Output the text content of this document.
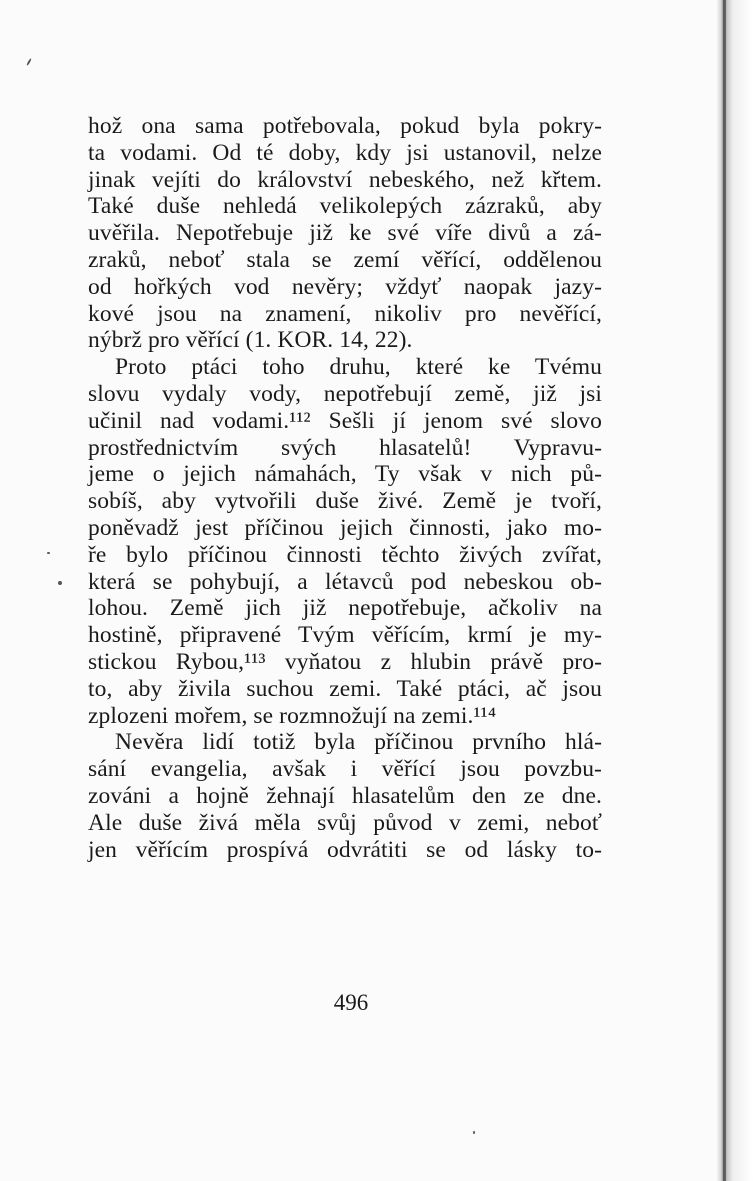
hož ona sama potřebovala, pokud byla pokry-
ta vodami. Od té doby, kdy jsi ustanovil, nelze
jinak vejíti do království nebeského, než křtem.
Také duše nehledá velikolepých zázraků, aby
uvěřila. Nepotřebuje již ke své víře divů a zá-
zraků, neboť stala se zemí věřící, oddělenou
od hořkých vod nevěry; vždyť naopak jazy-
kové jsou na znamení, nikoliv pro nevěřící,
nýbrž pro věřící (1. KOR. 14, 22).
Proto ptáci toho druhu, které ke Tvému
slovu vydaly vody, nepotřebují země, již jsi
učinil nad vodami.¹¹² Sešli jí jenom své slovo
prostřednictvím svých hlasatelů! Vypravu-
jeme o jejich námahách, Ty však v nich pů-
sobíš, aby vytvořili duše živé. Země je tvoří,
poněvadž jest příčinou jejich činnosti, jako mo-
ře bylo příčinou činnosti těchto živých zvířat,
která se pohybují, a létavců pod nebeskou ob-
lohou. Země jich již nepotřebuje, ačkoliv na
hostině, připravené Tvým věřícím, krmí je my-
stickou Rybou,¹¹³ vyňatou z hlubin právě pro-
to, aby živila suchou zemi. Také ptáci, ač jsou
zplozeni mořem, se rozmnožují na zemi.¹¹⁴
Nevěra lidí totiž byla příčinou prvního hlá-
sání evangelia, avšak i věřící jsou povzbu-
zováni a hojně žehnají hlasatelům den ze dne.
Ale duše živá měla svůj původ v zemi, neboť
jen věřícím prospívá odvrátiti se od lásky to-
496
